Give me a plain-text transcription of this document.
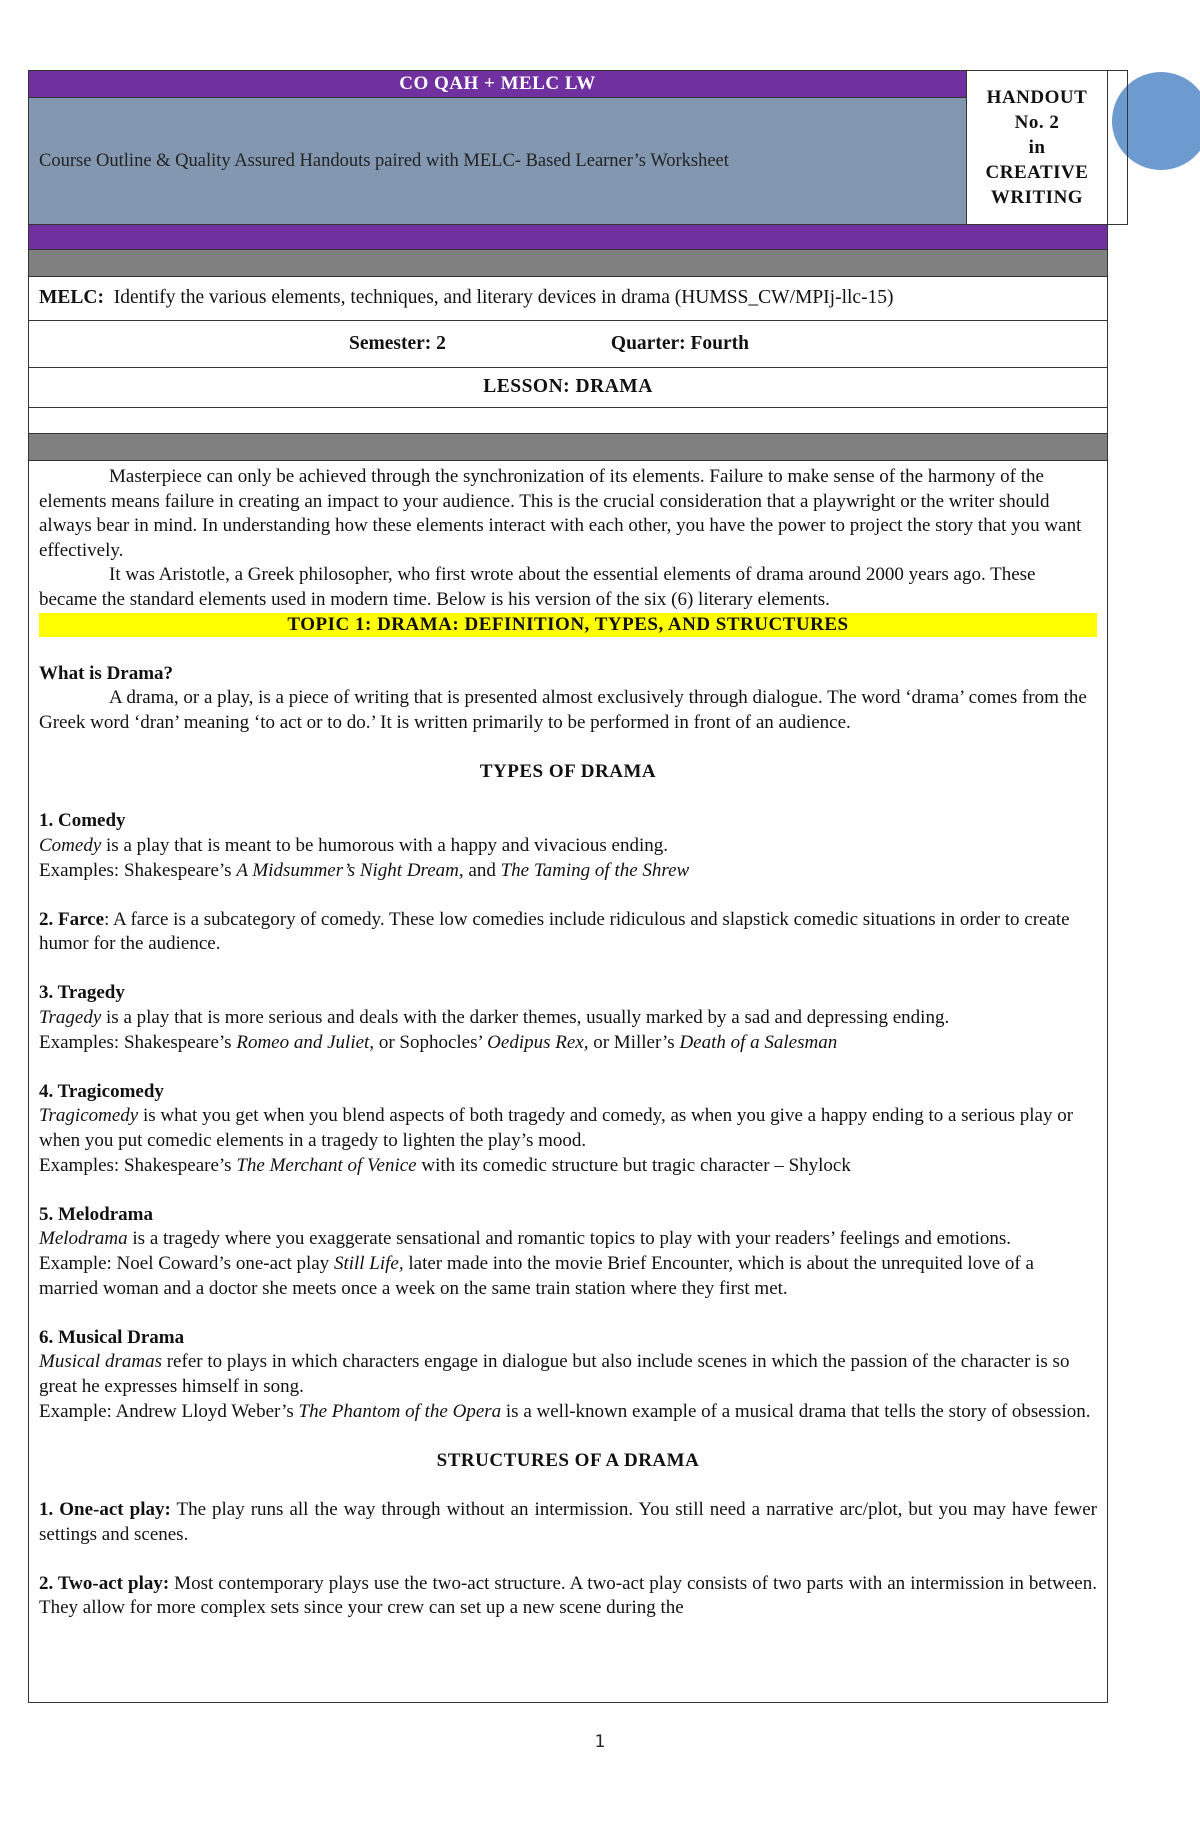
CO QAH + MELC LW
Course Outline & Quality Assured Handouts paired with MELC- Based Learner’s Worksheet
HANDOUT
No. 2
in
CREATIVE
WRITING
MELC: Identify the various elements, techniques, and literary devices in drama (HUMSS_CW/MPIj-llc-15)
Semester: 2	Quarter: Fourth
LESSON: DRAMA

Masterpiece can only be achieved through the synchronization of its elements. Failure to make sense of the harmony of the elements means failure in creating an impact to your audience. This is the crucial consideration that a playwright or the writer should always bear in mind. In understanding how these elements interact with each other, you have the power to project the story that you want effectively.

It was Aristotle, a Greek philosopher, who first wrote about the essential elements of drama around 2000 years ago. These became the standard elements used in modern time. Below is his version of the six (6) literary elements.

TOPIC 1: DRAMA: DEFINITION, TYPES, AND STRUCTURES

What is Drama?

A drama, or a play, is a piece of writing that is presented almost exclusively through dialogue. The word ‘drama’ comes from the Greek word ‘dran’ meaning ‘to act or to do.’ It is written primarily to be performed in front of an audience.

TYPES OF DRAMA

1. Comedy

Comedy is a play that is meant to be humorous with a happy and vivacious ending.

Examples: Shakespeare’s A Midsummer’s Night Dream, and The Taming of the Shrew

2. Farce: A farce is a subcategory of comedy. These low comedies include ridiculous and slapstick comedic situations in order to create humor for the audience.

3. Tragedy

Tragedy is a play that is more serious and deals with the darker themes, usually marked by a sad and depressing ending.

Examples: Shakespeare’s Romeo and Juliet, or Sophocles’ Oedipus Rex, or Miller’s Death of a Salesman

4. Tragicomedy

Tragicomedy is what you get when you blend aspects of both tragedy and comedy, as when you give a happy ending to a serious play or when you put comedic elements in a tragedy to lighten the play’s mood.

Examples: Shakespeare’s The Merchant of Venice with its comedic structure but tragic character – Shylock

5. Melodrama

Melodrama is a tragedy where you exaggerate sensational and romantic topics to play with your readers’ feelings and emotions.

Example: Noel Coward’s one-act play Still Life, later made into the movie Brief Encounter, which is about the unrequited love of a married woman and a doctor she meets once a week on the same train station where they first met.

6. Musical Drama

Musical dramas refer to plays in which characters engage in dialogue but also include scenes in which the passion of the character is so great he expresses himself in song.

Example: Andrew Lloyd Weber’s The Phantom of the Opera is a well-known example of a musical drama that tells the story of obsession.

STRUCTURES OF A DRAMA

1. One-act play: The play runs all the way through without an intermission. You still need a narrative arc/plot, but you may have fewer settings and scenes.

2. Two-act play: Most contemporary plays use the two-act structure. A two-act play consists of two parts with an intermission in between. They allow for more complex sets since your crew can set up a new scene during the

1
